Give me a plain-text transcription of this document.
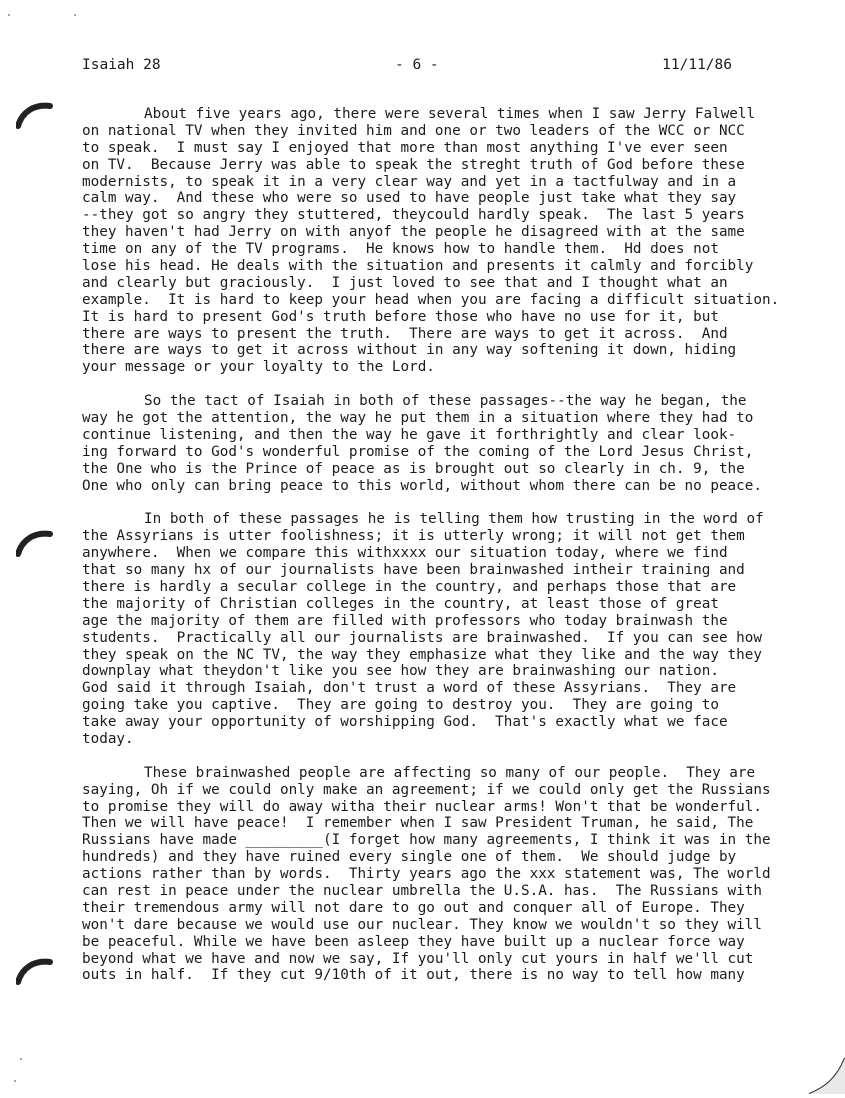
Isaiah 28	- 6 -	11/11/86
About five years ago, there were several times when I saw Jerry Falwell
on national TV when they invited him and one or two leaders of the WCC or NCC
to speak.  I must say I enjoyed that more than most anything I've ever seen
on TV.  Because Jerry was able to speak the streght truth of God before these
modernists, to speak it in a very clear way and yet in a tactfulway and in a
calm way.  And these who were so used to have people just take what they say
--they got so angry they stuttered, theycould hardly speak.  The last 5 years
they haven't had Jerry on with anyof the people he disagreed with at the same
time on any of the TV programs.  He knows how to handle them.  Hd does not
lose his head. He deals with the situation and presents it calmly and forcibly
and clearly but graciously.  I just loved to see that and I thought what an
example.  It is hard to keep your head when you are facing a difficult situation.
It is hard to present God's truth before those who have no use for it, but
there are ways to present the truth.  There are ways to get it across.  And
there are ways to get it across without in any way softening it down, hiding
your message or your loyalty to the Lord.
So the tact of Isaiah in both of these passages--the way he began, the
way he got the attention, the way he put them in a situation where they had to
continue listening, and then the way he gave it forthrightly and clear look-
ing forward to God's wonderful promise of the coming of the Lord Jesus Christ,
the One who is the Prince of peace as is brought out so clearly in ch. 9, the
One who only can bring peace to this world, without whom there can be no peace.
In both of these passages he is telling them how trusting in the word of
the Assyrians is utter foolishness; it is utterly wrong; it will not get them
anywhere.  When we compare this withxxxx our situation today, where we find
that so many hx of our journalists have been brainwashed intheir training and
there is hardly a secular college in the country, and perhaps those that are
the majority of Christian colleges in the country, at least those of great
age the majority of them are filled with professors who today brainwash the
students.  Practically all our journalists are brainwashed.  If you can see how
they speak on the NC TV, the way they emphasize what they like and the way they
downplay what theydon't like you see how they are brainwashing our nation.
God said it through Isaiah, don't trust a word of these Assyrians.  They are
going take you captive.  They are going to destroy you.  They are going to
take away your opportunity of worshipping God.  That's exactly what we face
today.
These brainwashed people are affecting so many of our people.  They are
saying, Oh if we could only make an agreement; if we could only get the Russians
to promise they will do away witha their nuclear arms! Won't that be wonderful.
Then we will have peace!  I remember when I saw President Truman, he said, The
Russians have made _________(I forget how many agreements, I think it was in the
hundreds) and they have ruined every single one of them.  We should judge by
actions rather than by words.  Thirty years ago the xxx statement was, The world
can rest in peace under the nuclear umbrella the U.S.A. has.  The Russians with
their tremendous army will not dare to go out and conquer all of Europe. They
won't dare because we would use our nuclear. They know we wouldn't so they will
be peaceful. While we have been asleep they have built up a nuclear force way
beyond what we have and now we say, If you'll only cut yours in half we'll cut
outs in half.  If they cut 9/10th of it out, there is no way to tell how many
